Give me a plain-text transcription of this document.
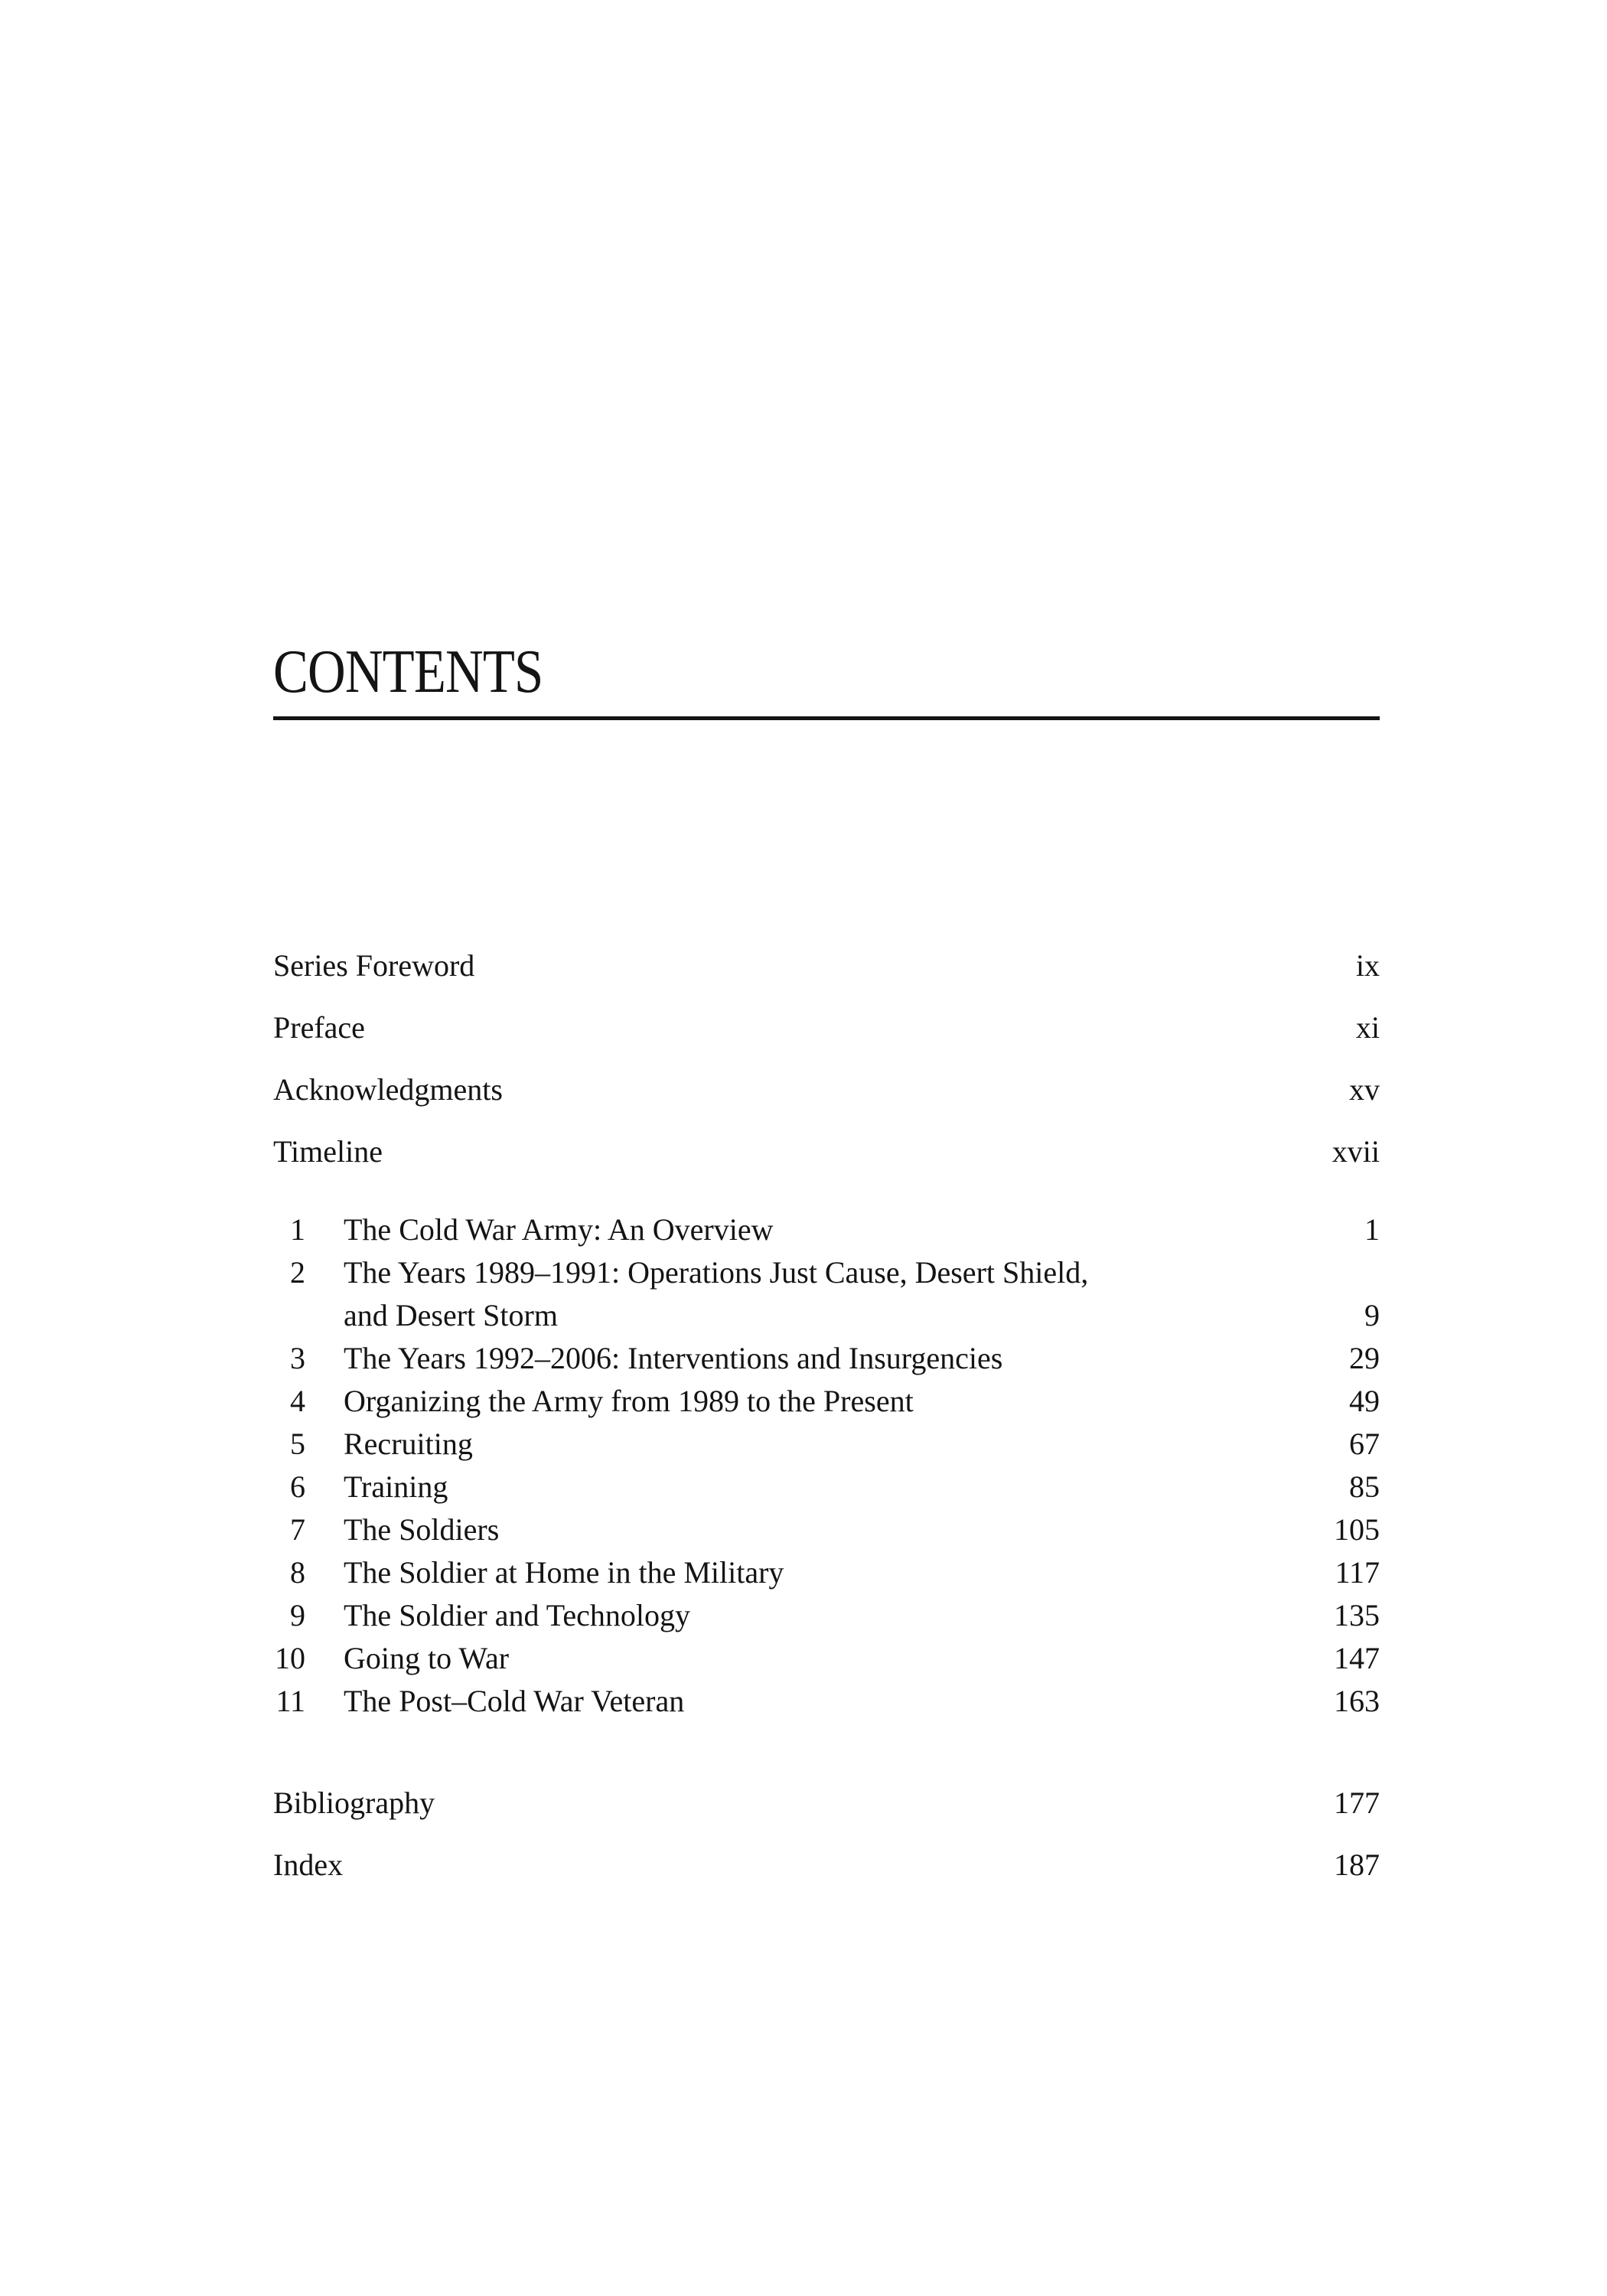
CONTENTS
Series Foreword	ix
Preface	xi
Acknowledgments	xv
Timeline	xvii
1 The Cold War Army: An Overview	1
2 The Years 1989–1991: Operations Just Cause, Desert Shield,
and Desert Storm	9
3 The Years 1992–2006: Interventions and Insurgencies	29
4 Organizing the Army from 1989 to the Present	49
5 Recruiting	67
6 Training	85
7 The Soldiers	105
8 The Soldier at Home in the Military	117
9 The Soldier and Technology	135
10 Going to War	147
11 The Post–Cold War Veteran	163
Bibliography	177
Index	187
